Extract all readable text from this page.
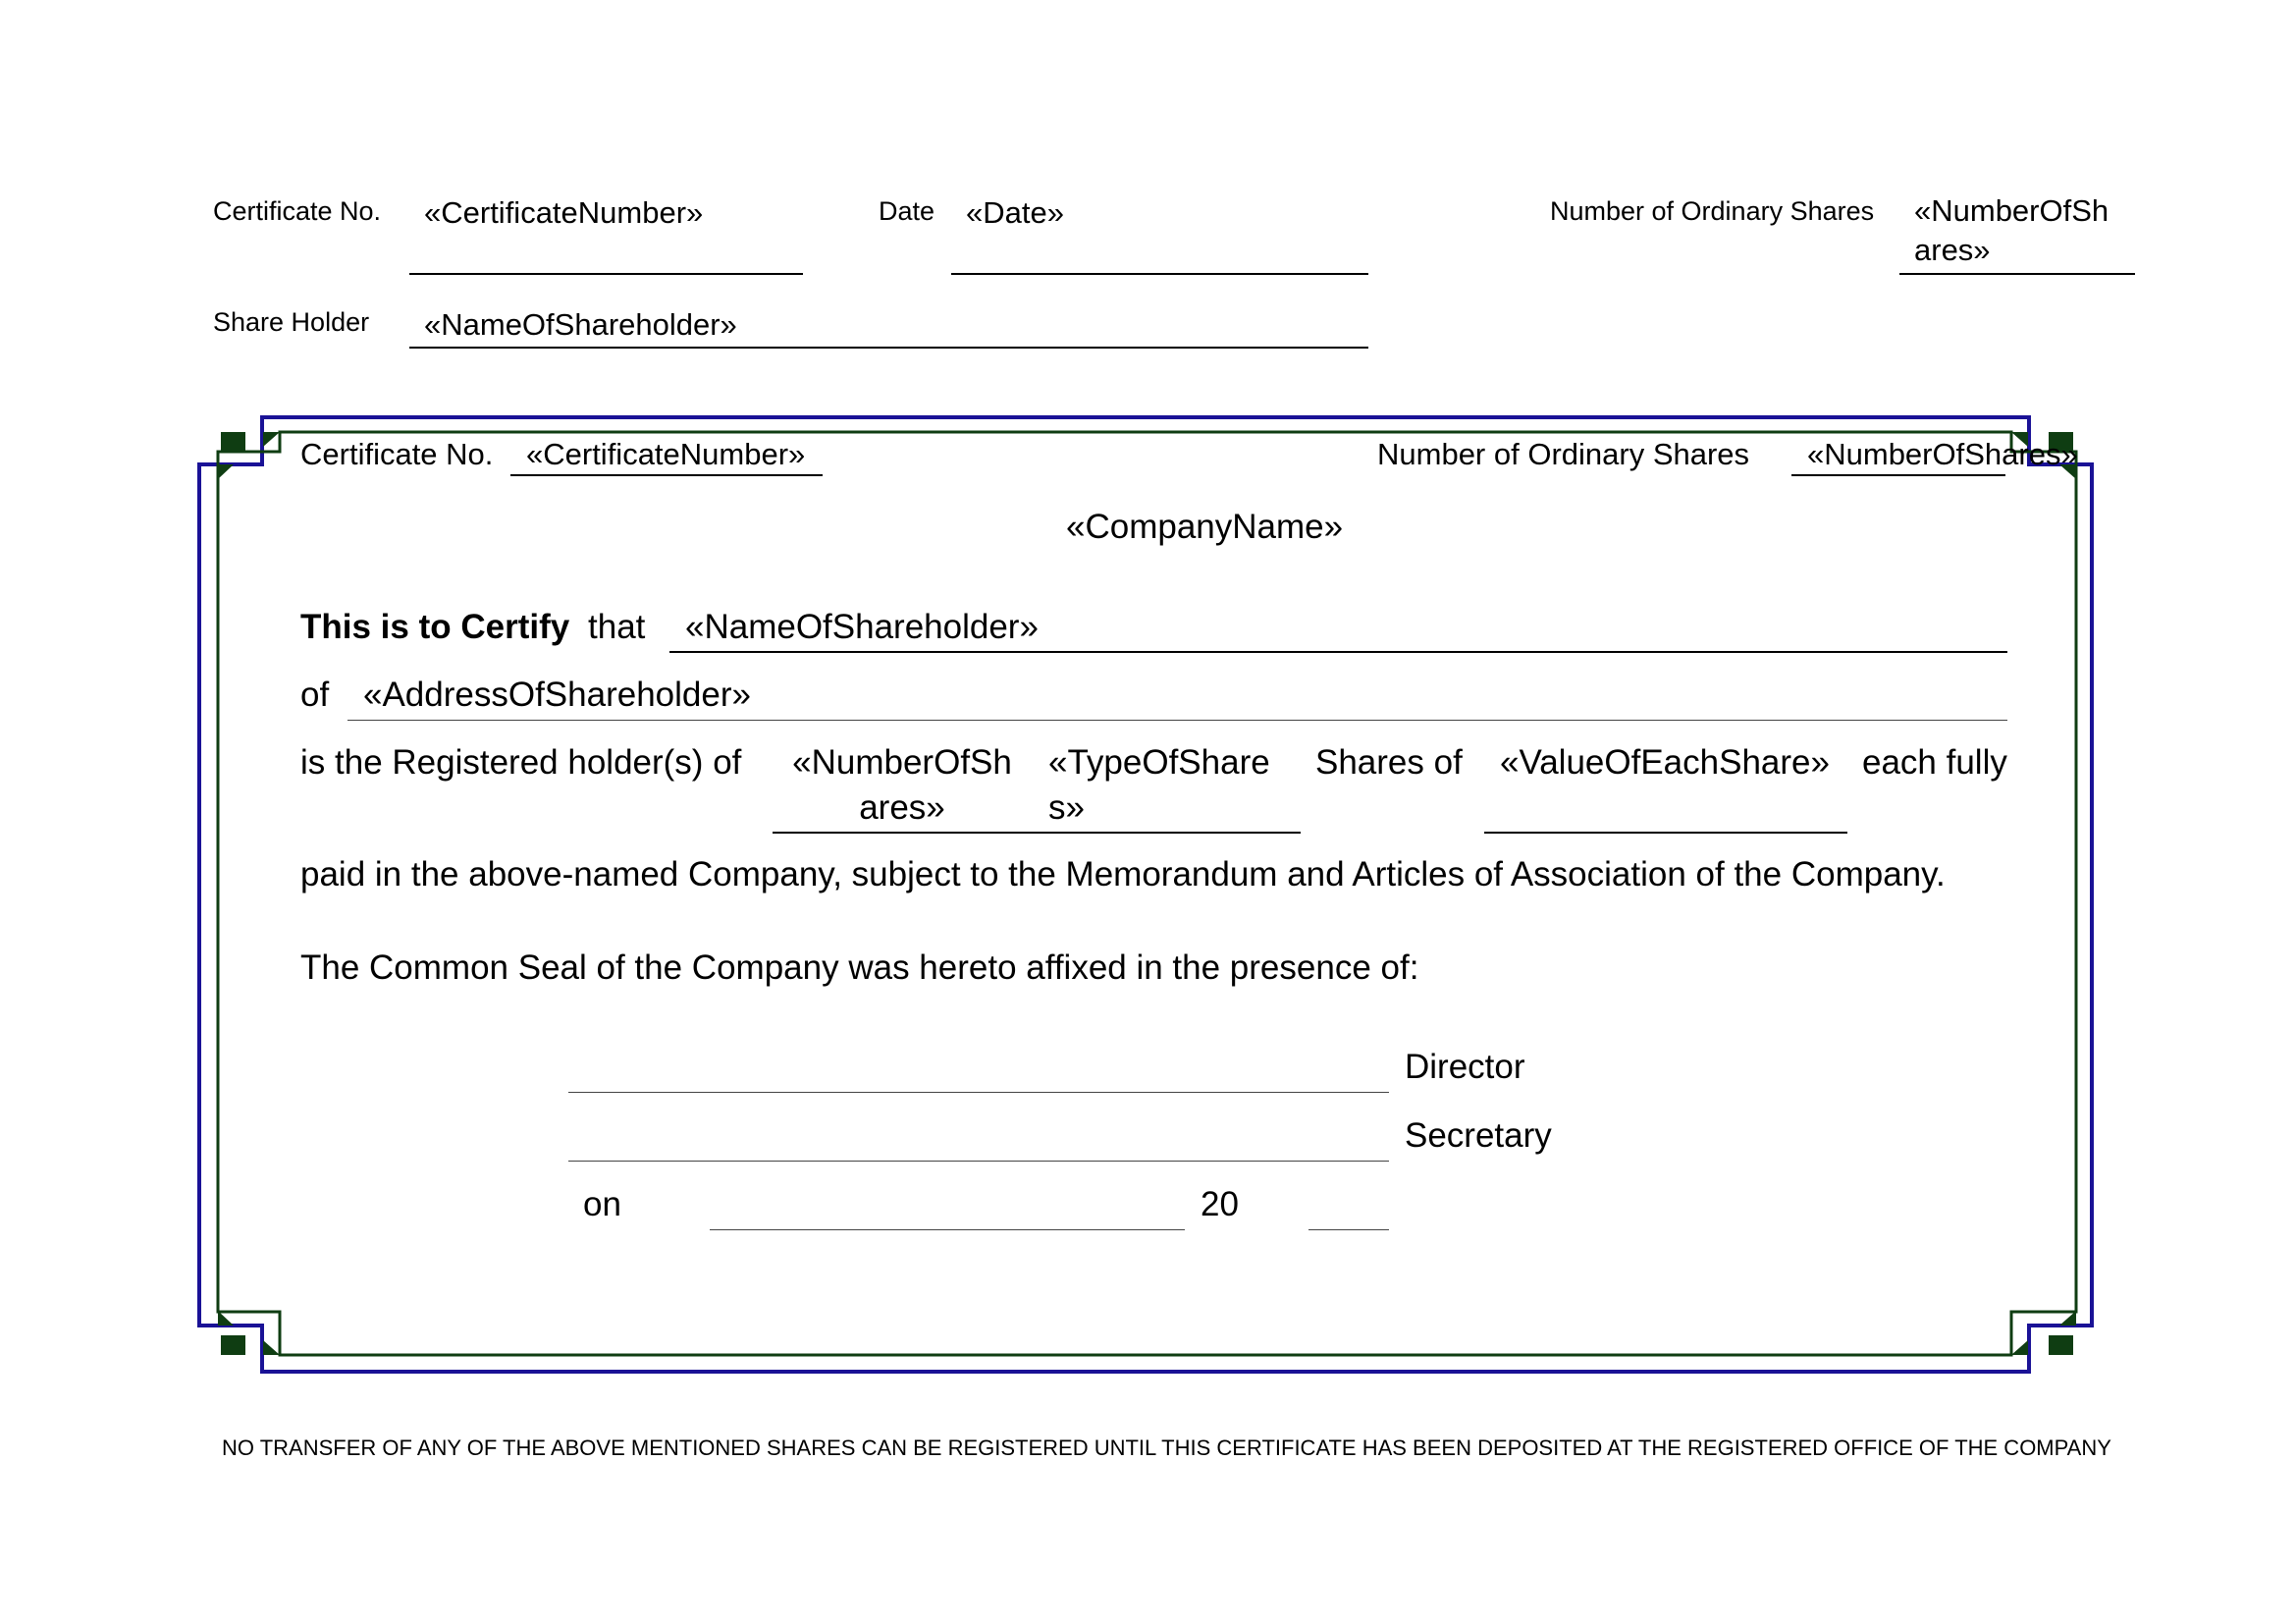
Certificate No. «CertificateNumber»	Date «Date»	Number of Ordinary Shares «NumberOfShares»
Share Holder «NameOfShareholder»
Certificate No. «CertificateNumber»	Number of Ordinary Shares «NumberOfShares»
«CompanyName»
This is to Certify that «NameOfShareholder»
of «AddressOfShareholder»
is the Registered holder(s) of «NumberOfShares»
«TypeOfShares»
Shares of «ValueOfEachShare» each fully
paid in the above-named Company, subject to the Memorandum and Articles of Association of the Company.
The Common Seal of the Company was hereto affixed in the presence of:
Director
Secretary
on	20
NO TRANSFER OF ANY OF THE ABOVE MENTIONED SHARES CAN BE REGISTERED UNTIL THIS CERTIFICATE HAS BEEN DEPOSITED AT THE REGISTERED OFFICE OF THE COMPANY
